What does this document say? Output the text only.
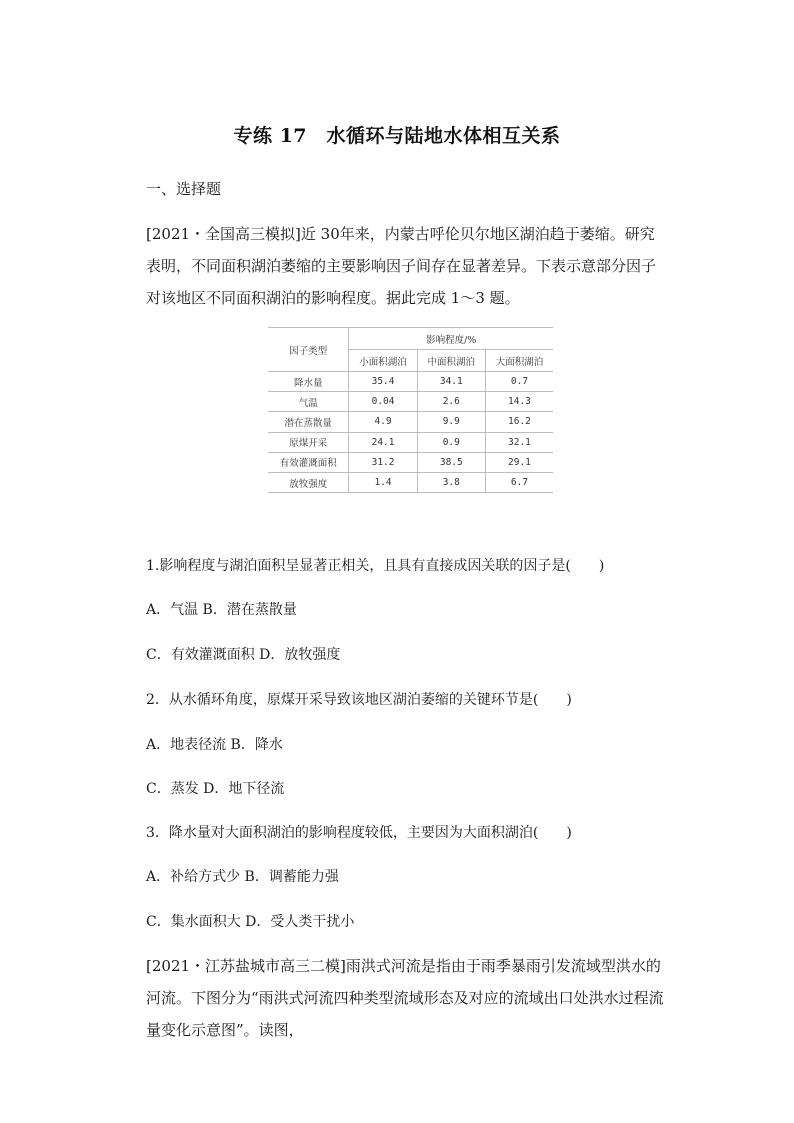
专练 17　水循环与陆地水体相互关系
一、选择题
[2021・全国高三模拟]近 30年来，内蒙古呼伦贝尔地区湖泊趋于萎缩。研究表明，不同面积湖泊萎缩的主要影响因子间存在显著差异。下表示意部分因子对该地区不同面积湖泊的影响程度。据此完成 1～3 题。
因子类型	影响程度/%		
	小面积湖泊	中面积湖泊	大面积湖泊
降水量	35.4	34.1	0.7
气温	0.04	2.6	14.3
潜在蒸散量	4.9	9.9	16.2
原煤开采	24.1	0.9	32.1
有效灌溉面积	31.2	38.5	29.1
放牧强度	1.4	3.8	6.7
1.影响程度与湖泊面积呈显著正相关，且具有直接成因关联的因子是(　　)
A．气温 B．潜在蒸散量
C．有效灌溉面积 D．放牧强度
2．从水循环角度，原煤开采导致该地区湖泊萎缩的关键环节是(　　)
A．地表径流 B．降水
C．蒸发 D．地下径流
3．降水量对大面积湖泊的影响程度较低，主要因为大面积湖泊(　　)
A．补给方式少 B．调蓄能力强
C．集水面积大 D．受人类干扰小
[2021・江苏盐城市高三二模]雨洪式河流是指由于雨季暴雨引发流域型洪水的河流。下图分为“雨洪式河流四种类型流域形态及对应的流域出口处洪水过程流量变化示意图”。读图，
